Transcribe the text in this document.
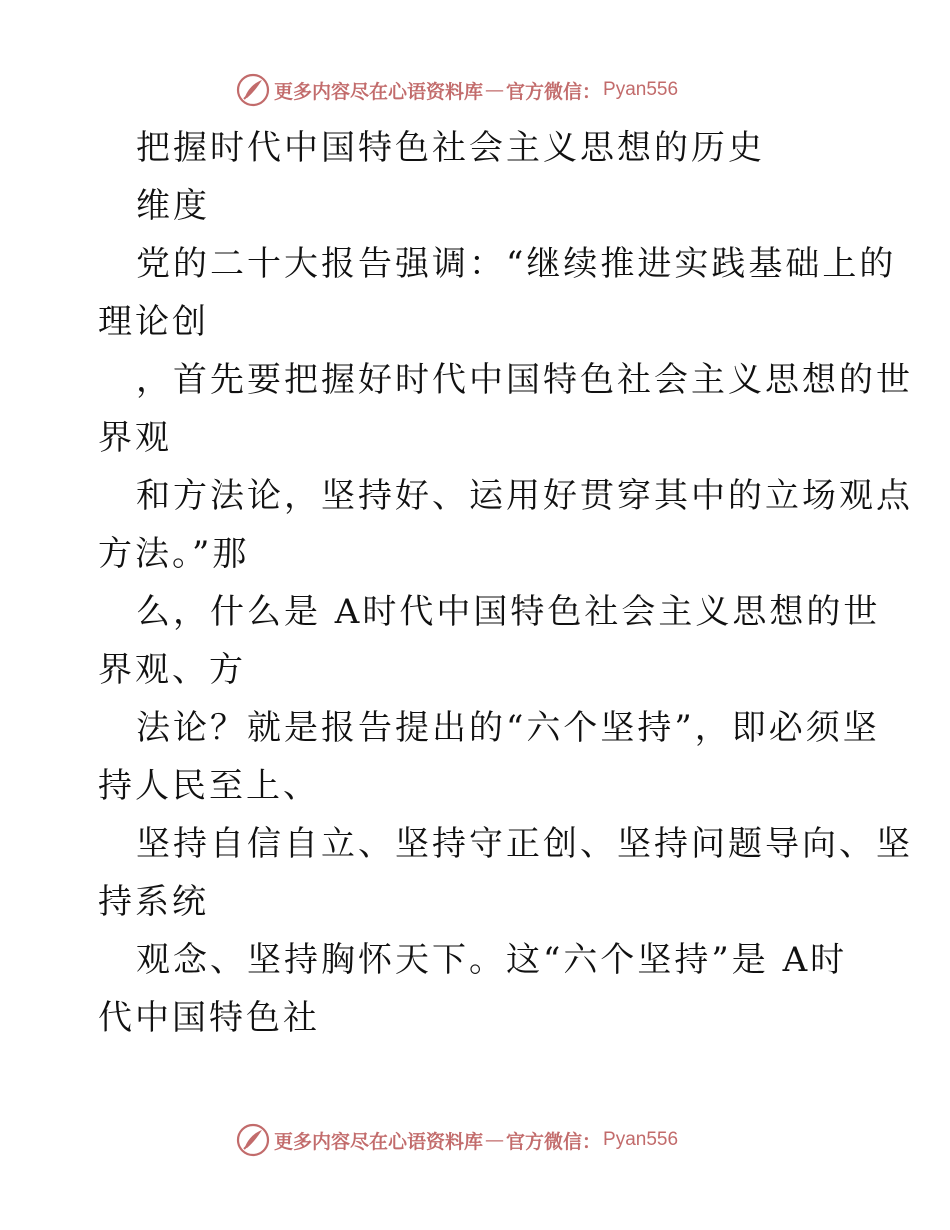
更多内容尽在心语资料库 — 官方微信： Pyan556
把握时代中国特色社会主义思想的历史
维度
党的二十大报告强调：“继续推进实践基础上的
理论创
，首先要把握好时代中国特色社会主义思想的世
界观
和方法论，坚持好、运用好贯穿其中的立场观点
方法。”那
么，什么是 A时代中国特色社会主义思想的世
界观、方
法论？就是报告提出的“六个坚持”，即必须坚
持人民至上、
坚持自信自立、坚持守正创、坚持问题导向、坚
持系统
观念、坚持胸怀天下。这“六个坚持”是 A时
代中国特色社
更多内容尽在心语资料库 — 官方微信： Pyan556
